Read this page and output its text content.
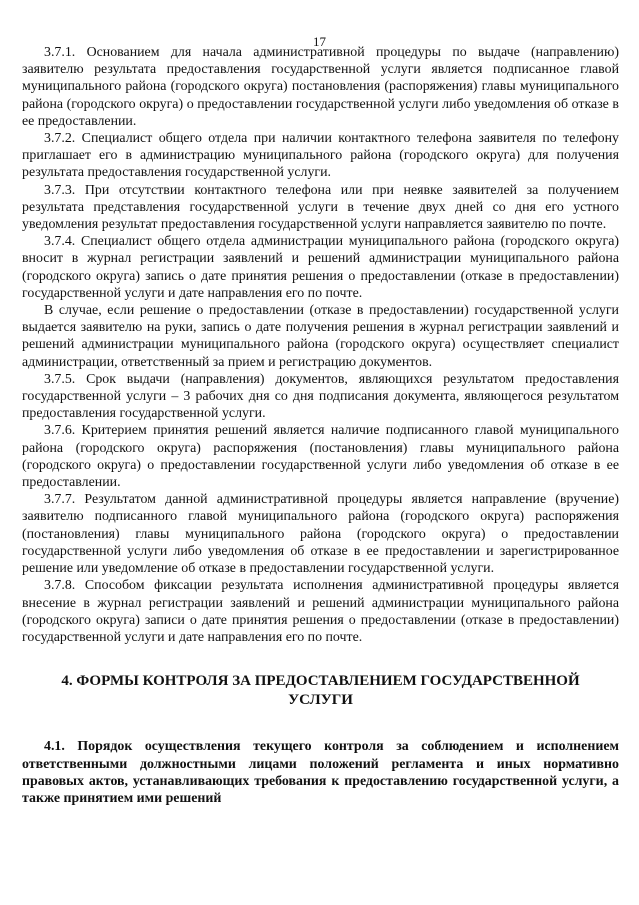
17

3.7.1. Основанием для начала административной процедуры по выдаче (направлению) заявителю результата предоставления государственной услуги является подписанное главой муниципального района (городского округа) постановления (распоряжения) главы муниципального района (городского округа) о предоставлении государственной услуги либо уведомления об отказе в ее предоставлении.

3.7.2. Специалист общего отдела при наличии контактного телефона заявителя по телефону приглашает его в администрацию муниципального района (городского округа) для получения результата предоставления государственной услуги.

3.7.3. При отсутствии контактного телефона или при неявке заявителей за получением результата представления государственной услуги в течение двух дней со дня его устного уведомления результат предоставления государственной услуги направляется заявителю по почте.

3.7.4. Специалист общего отдела администрации муниципального района (городского округа) вносит в журнал регистрации заявлений и решений администрации муниципального района (городского округа) запись о дате принятия решения о предоставлении (отказе в предоставлении) государственной услуги и дате направления его по почте.

В случае, если решение о предоставлении (отказе в предоставлении) государственной услуги выдается заявителю на руки, запись о дате получения решения в журнал регистрации заявлений и решений администрации муниципального района (городского округа) осуществляет специалист администрации, ответственный за прием и регистрацию документов.

3.7.5. Срок выдачи (направления) документов, являющихся результатом предоставления государственной услуги – 3 рабочих дня со дня подписания документа, являющегося результатом предоставления государственной услуги.

3.7.6. Критерием принятия решений является наличие подписанного главой муниципального района (городского округа) распоряжения (постановления) главы муниципального района (городского округа) о предоставлении государственной услуги либо уведомления об отказе в ее предоставлении.

3.7.7. Результатом данной административной процедуры является направление (вручение) заявителю подписанного главой муниципального района (городского округа) распоряжения (постановления) главы муниципального района (городского округа) о предоставлении государственной услуги либо уведомления об отказе в ее предоставлении и зарегистрированное решение или уведомление об отказе в предоставлении государственной услуги.

3.7.8. Способом фиксации результата исполнения административной процедуры является внесение в журнал регистрации заявлений и решений администрации муниципального района (городского округа) записи о дате принятия решения о предоставлении (отказе в предоставлении) государственной услуги и дате направления его по почте.

4. ФОРМЫ КОНТРОЛЯ ЗА ПРЕДОСТАВЛЕНИЕМ ГОСУДАРСТВЕННОЙ УСЛУГИ

4.1. Порядок осуществления текущего контроля за соблюдением и исполнением ответственными должностными лицами положений регламента и иных нормативно правовых актов, устанавливающих требования к предоставлению государственной услуги, а также принятием ими решений
